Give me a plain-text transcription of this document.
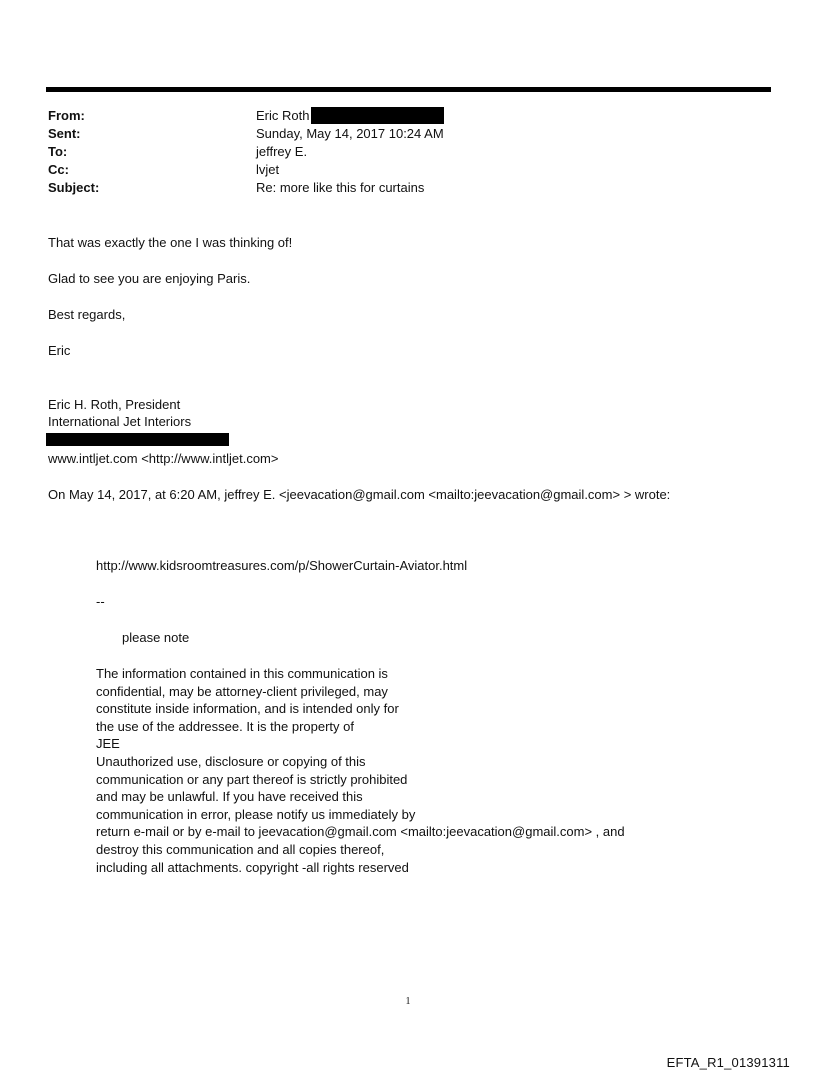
From:	Eric Roth
Sent:	Sunday, May 14, 2017 10:24 AM
To:	jeffrey E.
Cc:	lvjet
Subject:	Re: more like this for curtains
That was exactly the one I was thinking of!
Glad to see you are enjoying Paris.
Best regards,
Eric
Eric H. Roth, President
International Jet Interiors
www.intljet.com <http://www.intljet.com>
On May 14, 2017, at 6:20 AM, jeffrey E. <jeevacation@gmail.com <mailto:jeevacation@gmail.com> > wrote:
http://www.kidsroomtreasures.com/p/ShowerCurtain-Aviator.html
--
please note
The information contained in this communication is
confidential, may be attorney-client privileged, may
constitute inside information, and is intended only for
the use of the addressee. It is the property of
JEE
Unauthorized use, disclosure or copying of this
communication or any part thereof is strictly prohibited
and may be unlawful. If you have received this
communication in error, please notify us immediately by
return e-mail or by e-mail to jeevacation@gmail.com <mailto:jeevacation@gmail.com> , and
destroy this communication and all copies thereof,
including all attachments. copyright -all rights reserved
1
EFTA_R1_01391311
